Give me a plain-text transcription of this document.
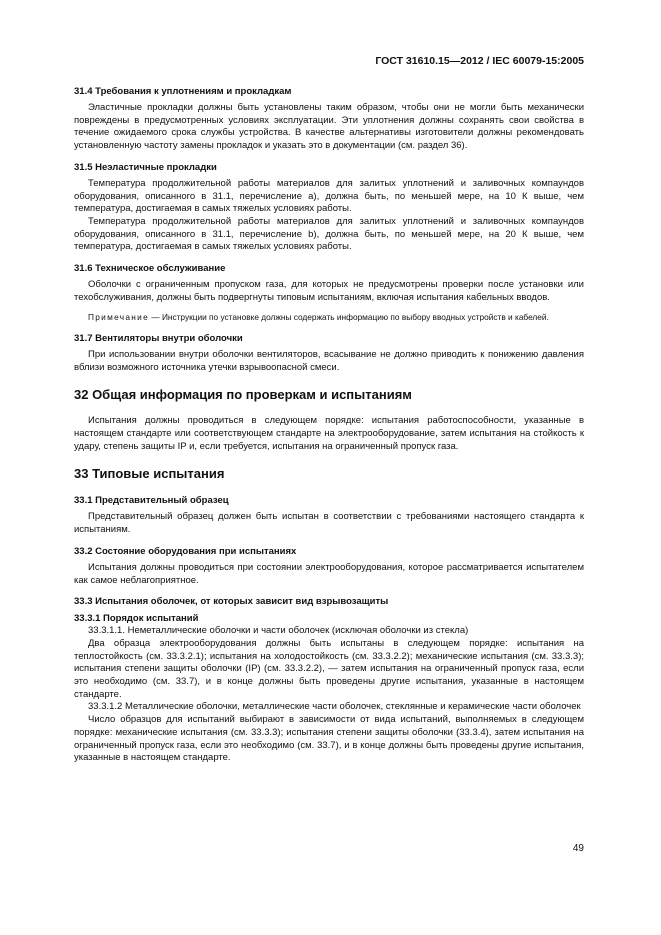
ГОСТ 31610.15—2012 / IEC 60079-15:2005
31.4 Требования к уплотнениям и прокладкам

Эластичные прокладки должны быть установлены таким образом, чтобы они не могли быть механически повреждены в предусмотренных условиях эксплуатации. Эти уплотнения должны сохранять свои свойства в течение ожидаемого срока службы устройства. В качестве альтернативы изготовители должны рекомендовать установленную частоту замены прокладок и указать это в документации (см. раздел 36).

31.5 Неэластичные прокладки

Температура продолжительной работы материалов для залитых уплотнений и заливочных компаундов оборудования, описанного в 31.1, перечисление а), должна быть, по меньшей мере, на 10 К выше, чем температура, достигаемая в самых тяжелых условиях работы.

Температура продолжительной работы материалов для залитых уплотнений и заливочных компаундов оборудования, описанного в 31.1, перечисление b), должна быть, по меньшей мере, на 20 К выше, чем температура, достигаемая в самых тяжелых условиях работы.

31.6 Техническое обслуживание

Оболочки с ограниченным пропуском газа, для которых не предусмотрены проверки после установки или техобслуживания, должны быть подвергнуты типовым испытаниям, включая испытания кабельных вводов.

Примечание — Инструкции по установке должны содержать информацию по выбору вводных устройств и кабелей.

31.7 Вентиляторы внутри оболочки

При использовании внутри оболочки вентиляторов, всасывание не должно приводить к понижению давления вблизи возможного источника утечки взрывоопасной смеси.

32 Общая информация по проверкам и испытаниям

Испытания должны проводиться в следующем порядке: испытания работоспособности, указанные в настоящем стандарте или соответствующем стандарте на электрооборудование, затем испытания на стойкость к удару, степень защиты IP и, если требуется, испытания на ограниченный пропуск газа.

33 Типовые испытания
33.1 Представительный образец

Представительный образец должен быть испытан в соответствии с требованиями настоящего стандарта к испытаниям.

33.2 Состояние оборудования при испытаниях

Испытания должны проводиться при состоянии электрооборудования, которое рассматривается испытателем как самое неблагоприятное.

33.3 Испытания оболочек, от которых зависит вид взрывозащиты
33.3.1 Порядок испытаний

33.3.1.1. Неметаллические оболочки и части оболочек (исключая оболочки из стекла)

Два образца электрооборудования должны быть испытаны в следующем порядке: испытания на теплостойкость (см. 33.3.2.1); испытания на холодостойкость (см. 33.3.2.2); механические испытания (см. 33.3.3); испытания степени защиты оболочки (IP) (см. 33.3.2.2), — затем испытания на ограниченный пропуск газа, если это необходимо (см. 33.7), и в конце должны быть проведены другие испытания, указанные в настоящем стандарте.

33.3.1.2 Металлические оболочки, металлические части оболочек, стеклянные и керамические части оболочек

Число образцов для испытаний выбирают в зависимости от вида испытаний, выполняемых в следующем порядке: механические испытания (см. 33.3.3); испытания степени защиты оболочки (33.3.4), затем испытания на ограниченный пропуск газа, если это необходимо (см. 33.7), и в конце должны быть проведены другие испытания, указанные в настоящем стандарте.

49
